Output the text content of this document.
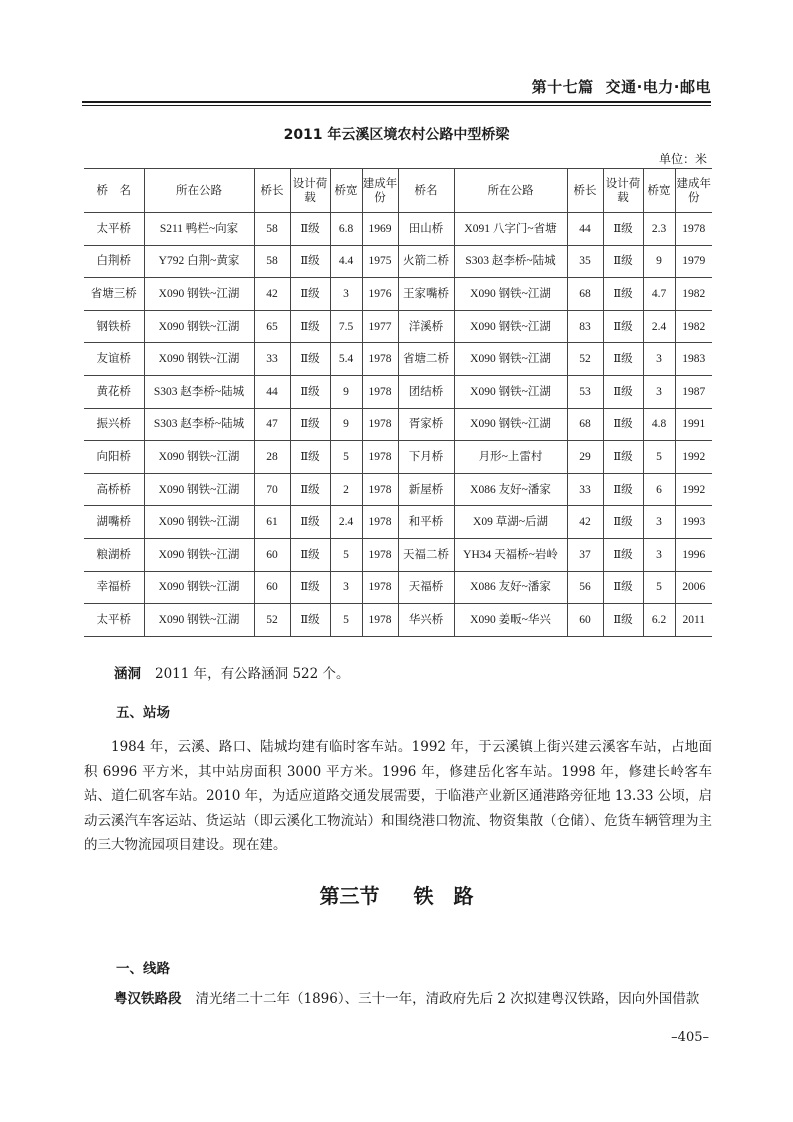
第十七篇 交通·电力·邮电
2011 年云溪区境农村公路中型桥梁
单位：米
桥　名	所在公路	桥长	设计荷载	桥宽	建成年份	桥名	所在公路	桥长	设计荷载	桥宽	建成年份
太平桥	S211 鸭栏~向家	58	Ⅱ级	6.8	1969	田山桥	X091 八字门~省塘	44	Ⅱ级	2.3	1978
白荆桥	Y792 白荆~黄家	58	Ⅱ级	4.4	1975	火箭二桥	S303 赵李桥~陆城	35	Ⅱ级	9	1979
省塘三桥	X090 钢铁~江湖	42	Ⅱ级	3	1976	王家嘴桥	X090 钢铁~江湖	68	Ⅱ级	4.7	1982
钢铁桥	X090 钢铁~江湖	65	Ⅱ级	7.5	1977	洋溪桥	X090 钢铁~江湖	83	Ⅱ级	2.4	1982
友谊桥	X090 钢铁~江湖	33	Ⅱ级	5.4	1978	省塘二桥	X090 钢铁~江湖	52	Ⅱ级	3	1983
黄花桥	S303 赵李桥~陆城	44	Ⅱ级	9	1978	团结桥	X090 钢铁~江湖	53	Ⅱ级	3	1987
振兴桥	S303 赵李桥~陆城	47	Ⅱ级	9	1978	胥家桥	X090 钢铁~江湖	68	Ⅱ级	4.8	1991
向阳桥	X090 钢铁~江湖	28	Ⅱ级	5	1978	下月桥	月形~上雷村	29	Ⅱ级	5	1992
高桥桥	X090 钢铁~江湖	70	Ⅱ级	2	1978	新屋桥	X086 友好~潘家	33	Ⅱ级	6	1992
湖嘴桥	X090 钢铁~江湖	61	Ⅱ级	2.4	1978	和平桥	X09 草湖~后湖	42	Ⅱ级	3	1993
粮湖桥	X090 钢铁~江湖	60	Ⅱ级	5	1978	天福二桥	YH34 天福桥~岩岭	37	Ⅱ级	3	1996
幸福桥	X090 钢铁~江湖	60	Ⅱ级	3	1978	天福桥	X086 友好~潘家	56	Ⅱ级	5	2006
太平桥	X090 钢铁~江湖	52	Ⅱ级	5	1978	华兴桥	X090 姜畈~华兴	60	Ⅱ级	6.2	2011
涵洞 2011 年，有公路涵洞 522 个。
五、站场
1984 年，云溪、路口、陆城均建有临时客车站。1992 年，于云溪镇上街兴建云溪客车站，占地面积 6996 平方米，其中站房面积 3000 平方米。1996 年，修建岳化客车站。1998 年，修建长岭客车站、道仁矶客车站。2010 年，为适应道路交通发展需要，于临港产业新区通港路旁征地 13.33 公顷，启动云溪汽车客运站、货运站（即云溪化工物流站）和围绕港口物流、物资集散（仓储）、危货车辆管理为主的三大物流园项目建设。现在建。
第三节 铁　路
一、线路
粤汉铁路段 清光绪二十二年（1896）、三十一年，清政府先后 2 次拟建粤汉铁路，因向外国借款
–405–
